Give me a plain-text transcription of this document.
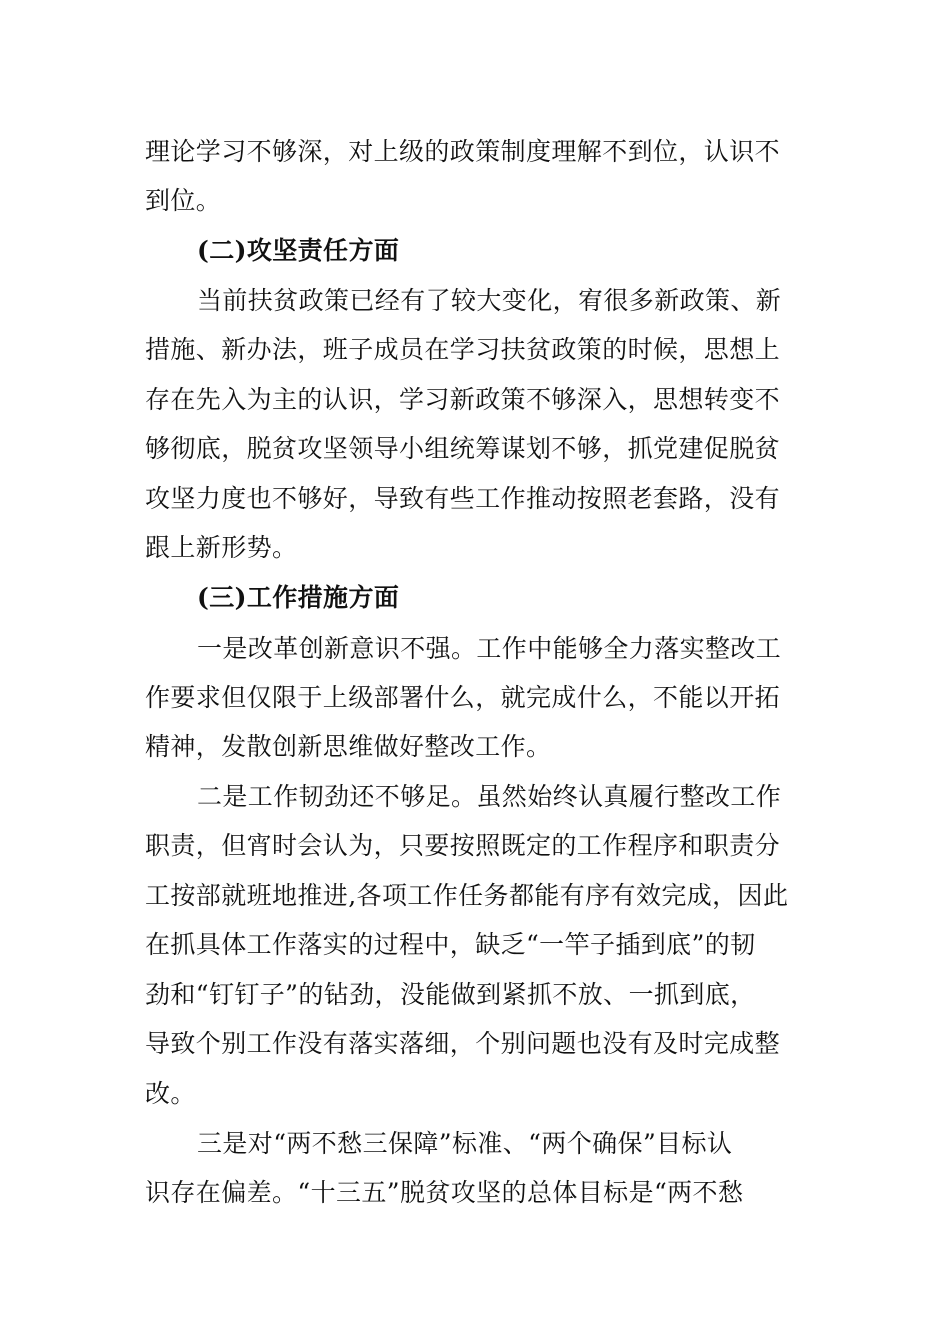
理论学习不够深，对上级的政策制度理解不到位，认识不
到位。
(二)攻坚责任方面
当前扶贫政策已经有了较大变化，宥很多新政策、新
措施、新办法，班子成员在学习扶贫政策的时候，思想上
存在先入为主的认识，学习新政策不够深入，思想转变不
够彻底，脱贫攻坚领导小组统筹谋划不够，抓党建促脱贫
攻坚力度也不够好，导致有些工作推动按照老套路，没有
跟上新形势。
(三)工作措施方面
一是改革创新意识不强。工作中能够全力落实整改工
作要求但仅限于上级部署什么，就完成什么，不能以开拓
精神，发散创新思维做好整改工作。
二是工作韧劲还不够足。虽然始终认真履行整改工作
职责，但宵时会认为，只要按照既定的工作程序和职责分
工按部就班地推进,各项工作任务都能有序有效完成，因此
在抓具体工作落实的过程中，缺乏“一竿子插到底”的韧
劲和“钉钉子”的钻劲，没能做到紧抓不放、一抓到底，
导致个别工作没有落实落细，个别问题也没有及时完成整
改。
三是对“两不愁三保障”标准、“两个确保”目标认
识存在偏差。“十三五”脱贫攻坚的总体目标是“两不愁
